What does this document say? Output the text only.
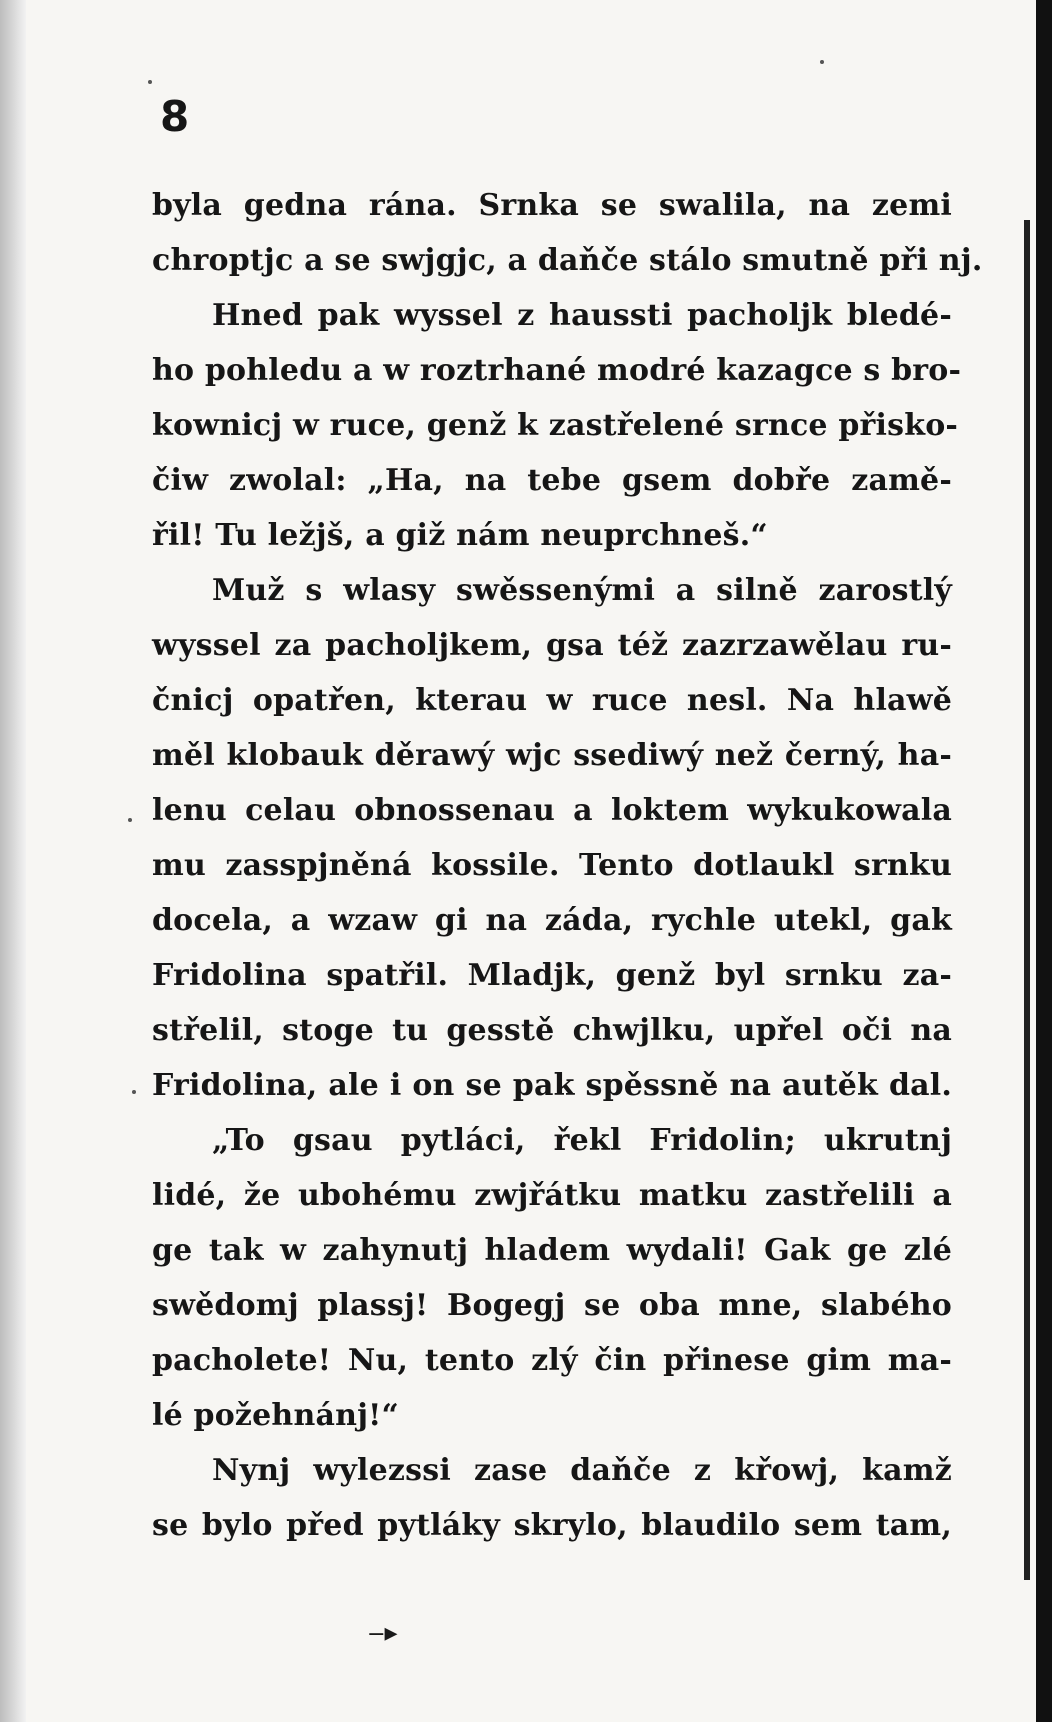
8

byla gedna rána. Srnka se swalila, na zemi
chroptjc a se swjgjc, a daňče stálo smutně při nj.
Hned pak wyssel z haussti pacholjk bledé-
ho pohledu a w roztrhané modré kazagce s bro-
kownicj w ruce, genž k zastřelené srnce přisko-
čiw zwolal: „Ha, na tebe gsem dobře zamě-
řil! Tu ležjš, a giž nám neuprchneš.“
Muž s wlasy swěssenými a silně zarostlý
wyssel za pacholjkem, gsa též zazrzawělau ru-
čnicj opatřen, kterau w ruce nesl. Na hlawě
měl klobauk děrawý wjc ssediwý než černý, ha-
lenu celau obnossenau a loktem wykukowala
mu zasspjněná kossile. Tento dotlaukl srnku
docela, a wzaw gi na záda, rychle utekl, gak
Fridolina spatřil. Mladjk, genž byl srnku za-
střelil, stoge tu gesstě chwjlku, upřel oči na
Fridolina, ale i on se pak spěssně na autěk dal.
„To gsau pytláci, řekl Fridolin; ukrutnj
lidé, že ubohému zwjřátku matku zastřelili a
ge tak w zahynutj hladem wydali! Gak ge zlé
swědomj plassj! Bogegj se oba mne, slabého
pacholete! Nu, tento zlý čin přinese gim ma-
lé požehnánj!“
Nynj wylezssi zase daňče z křowj, kamž
se bylo před pytláky skrylo, blaudilo sem tam,
‒▸
